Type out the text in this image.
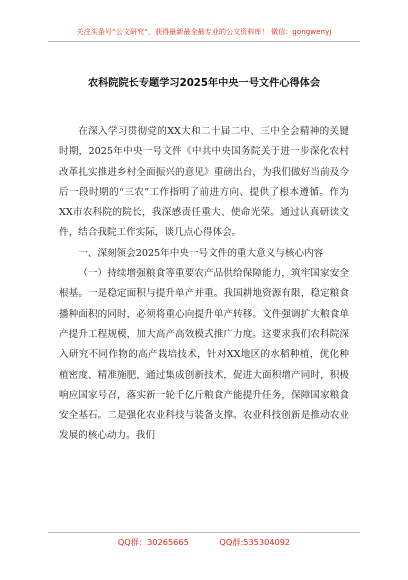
关注头条号“公文研究”，获得最新最全最专业的公文资料库！ 微信：gongwenyj
农科院院长专题学习2025年中央一号文件心得体会

在深入学习贯彻党的XX大和二十届二中、三中全会精神的关键时期，2025年中央一号文件《中共中央国务院关于进一步深化农村改革扎实推进乡村全面振兴的意见》重磅出台，为我们做好当前及今后一段时期的“三农”工作指明了前进方向、提供了根本遵循。作为XX市农科院的院长，我深感责任重大、使命光荣。通过认真研读文件，结合我院工作实际，谈几点心得体会。

一、深刻领会2025年中央一号文件的重大意义与核心内容

（一）持续增强粮食等重要农产品供给保障能力，筑牢国家安全根基。一是稳定面积与提升单产并重。我国耕地资源有限，稳定粮食播种面积的同时，必须将重心向提升单产转移。文件强调扩大粮食单产提升工程规模，加大高产高效模式推广力度。这要求我们农科院深入研究不同作物的高产栽培技术，针对XX地区的水稻种植，优化种植密度、精准施肥，通过集成创新技术，促进大面积增产同时，积极响应国家号召，落实新一轮千亿斤粮食产能提升任务，保障国家粮食安全基石。二是强化农业科技与装备支撑。农业科技创新是推动农业发展的核心动力。我们

QQ群：30265665	QQ群:535304092
